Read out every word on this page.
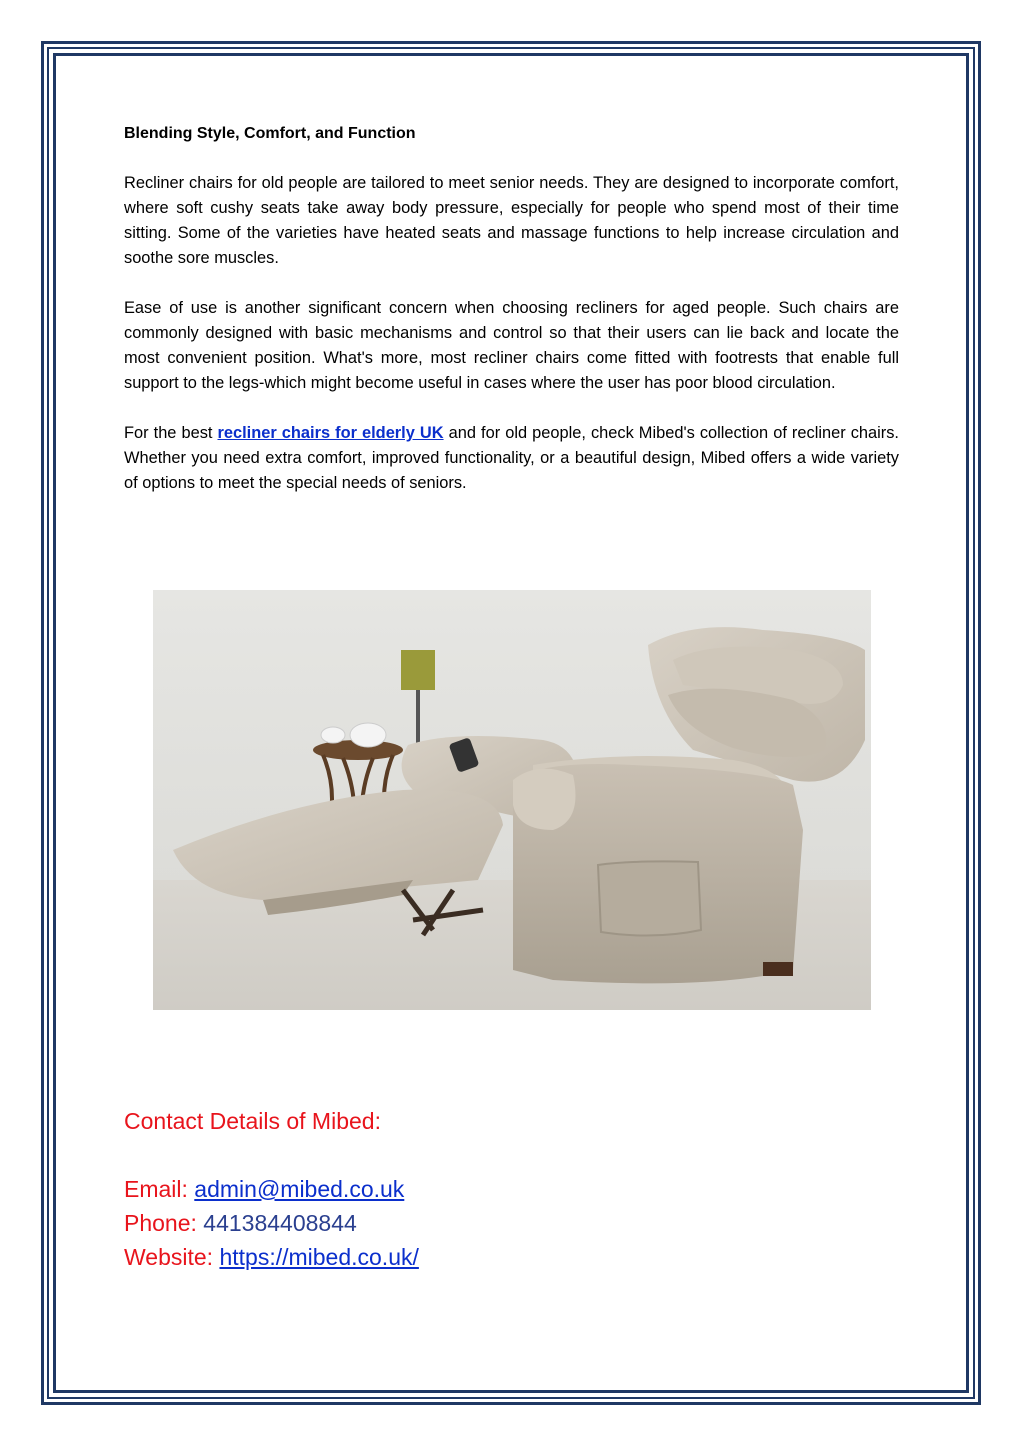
Blending Style, Comfort, and Function

Recliner chairs for old people are tailored to meet senior needs. They are designed to incorporate comfort, where soft cushy seats take away body pressure, especially for people who spend most of their time sitting. Some of the varieties have heated seats and massage functions to help increase circulation and soothe sore muscles.

Ease of use is another significant concern when choosing recliners for aged people. Such chairs are commonly designed with basic mechanisms and control so that their users can lie back and locate the most convenient position. What's more, most recliner chairs come fitted with footrests that enable full support to the legs-which might become useful in cases where the user has poor blood circulation.

For the best recliner chairs for elderly UK and for old people, check Mibed's collection of recliner chairs. Whether you need extra comfort, improved functionality, or a beautiful design, Mibed offers a wide variety of options to meet the special needs of seniors.

Contact Details of Mibed:

Email: admin@mibed.co.uk

Phone: 441384408844

Website: https://mibed.co.uk/
